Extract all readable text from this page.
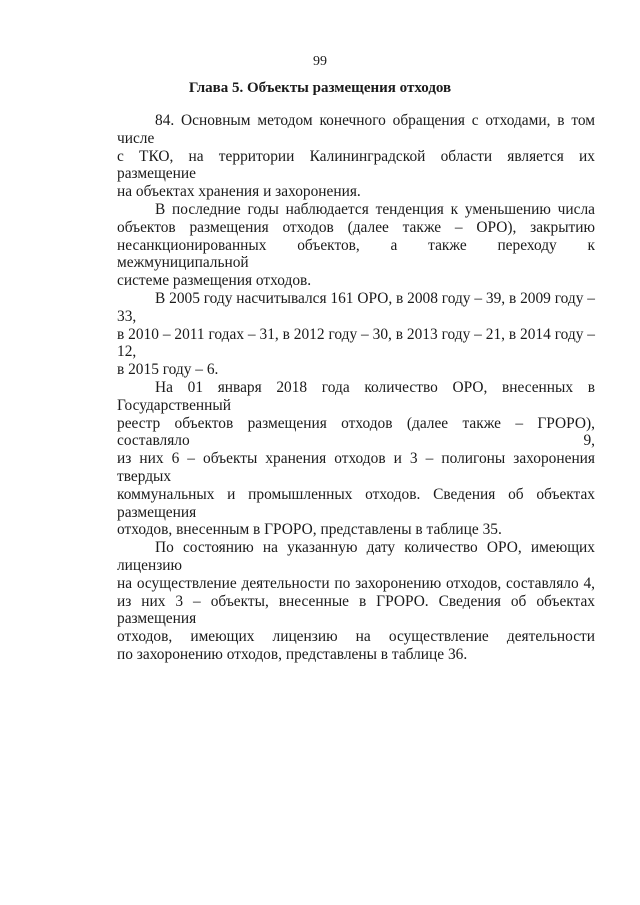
99
Глава 5. Объекты размещения отходов
84. Основным методом конечного обращения с отходами, в том числе
с ТКО, на территории Калининградской области является их размещение
на объектах хранения и захоронения.
В последние годы наблюдается тенденция к уменьшению числа
объектов размещения отходов (далее также – ОРО), закрытию
несанкционированных объектов, а также переходу к межмуниципальной
системе размещения отходов.
В 2005 году насчитывался 161 ОРО, в 2008 году – 39, в 2009 году – 33,
в 2010 – 2011 годах – 31, в 2012 году – 30, в 2013 году – 21, в 2014 году – 12,
в 2015 году – 6.
На 01 января 2018 года количество ОРО, внесенных в Государственный
реестр объектов размещения отходов (далее также – ГРОРО), составляло 9,
из них 6 – объекты хранения отходов и 3 – полигоны захоронения твердых
коммунальных и промышленных отходов. Сведения об объектах размещения
отходов, внесенным в ГРОРО, представлены в таблице 35.
По состоянию на указанную дату количество ОРО, имеющих лицензию
на осуществление деятельности по захоронению отходов, составляло 4,
из них 3 – объекты, внесенные в ГРОРО. Сведения об объектах размещения
отходов, имеющих лицензию на осуществление деятельности
по захоронению отходов, представлены в таблице 36.
